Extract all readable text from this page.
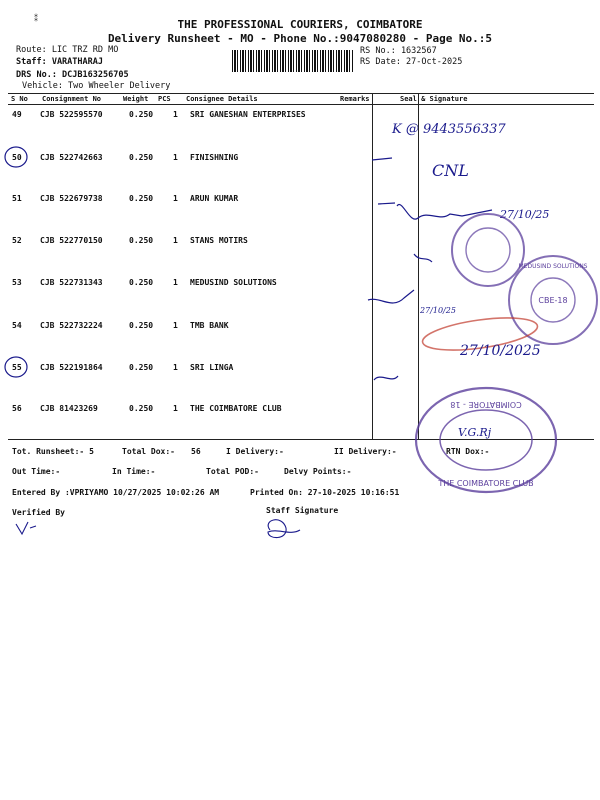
⁑	THE PROFESSIONAL COURIERS, COIMBATORE
Delivery Runsheet - MO - Phone No.:9047080280 - Page No.:5
Route: LIC TRZ RD MO
Staff: VARATHARAJ
DRS No.: DCJB163256705
Vehicle: Two Wheeler Delivery
RS No.: 1632567
RS Date: 27-Oct-2025
S No Consignment No	Weight PCS Consignee Details	Remarks	Seal & Signature
49 CJB 522595570	0.250 1 SRI GANESHAN ENTERPRISES
50 CJB 522742663	0.250 1 FINISHNING
51 CJB 522679738	0.250 1 ARUN KUMAR
52 CJB 522770150	0.250 1 STANS MOTIRS
53 CJB 522731343	0.250 1 MEDUSIND SOLUTIONS
54 CJB 522732224	0.250 1 TMB BANK
55 CJB 522191864	0.250 1 SRI LINGA
56 CJB 81423269	0.250 1 THE COIMBATORE CLUB
K @ 9443556337
CNL
27/10/25
CBE-18
MEDUSIND SOLUTIONS
27/10/25
27/10/2025
COIMBATORE - 18
THE COIMBATORE CLUB
V.G.Rj
Tot. Runsheet:- 5	Total Dox:- 56	I Delivery:-	II Delivery:-	RTN Dox:-
Out Time:-	In Time:-	Total POD:-	Delvy Points:-
Entered By :VPRIYAMO 10/27/2025 10:02:26 AM	Printed On: 27-10-2025 10:16:51
Verified By	Staff Signature
